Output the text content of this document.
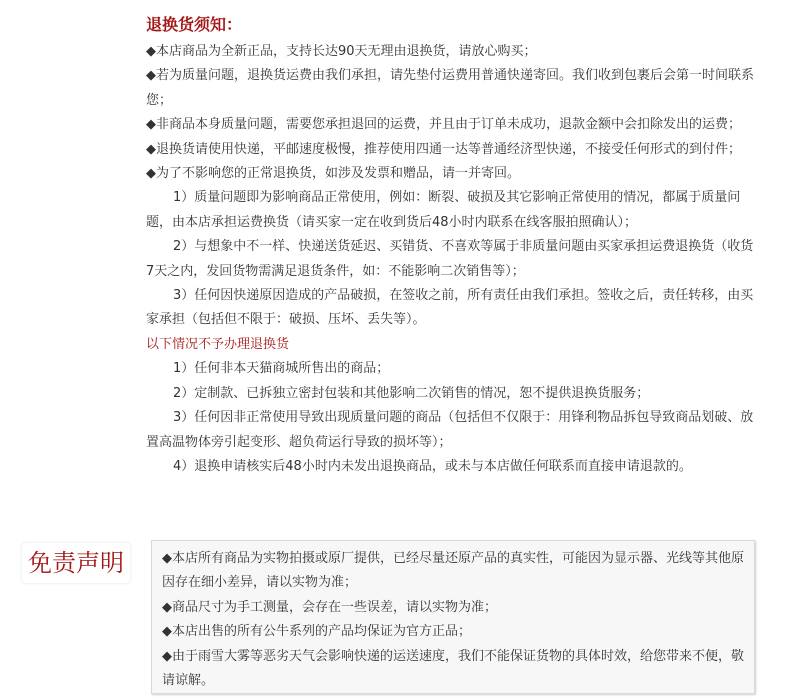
退换货须知：

◆本店商品为全新正品，支持长达90天无理由退换货，请放心购买；

◆若为质量问题，退换货运费由我们承担，请先垫付运费用普通快递寄回。我们收到包裹后会第一时间联系您；

◆非商品本身质量问题，需要您承担退回的运费，并且由于订单未成功，退款金额中会扣除发出的运费；

◆退换货请使用快递，平邮速度极慢，推荐使用四通一达等普通经济型快递，不接受任何形式的到付件；

◆为了不影响您的正常退换货，如涉及发票和赠品，请一并寄回。

1）质量问题即为影响商品正常使用，例如：断裂、破损及其它影响正常使用的情况，都属于质量问题，由本店承担运费换货（请买家一定在收到货后48小时内联系在线客服拍照确认）；

2）与想象中不一样、快递送货延迟、买错货、不喜欢等属于非质量问题由买家承担运费退换货（收货7天之内，发回货物需满足退货条件，如：不能影响二次销售等）；

3）任何因快递原因造成的产品破损，在签收之前，所有责任由我们承担。签收之后，责任转移，由买家承担（包括但不限于：破损、压坏、丢失等）。

以下情况不予办理退换货

1）任何非本天猫商城所售出的商品；

2）定制款、已拆独立密封包装和其他影响二次销售的情况，恕不提供退换货服务；

3）任何因非正常使用导致出现质量问题的商品（包括但不仅限于：用锋利物品拆包导致商品划破、放置高温物体旁引起变形、超负荷运行导致的损坏等）；

4）退换申请核实后48小时内未发出退换商品，或未与本店做任何联系而直接申请退款的。

免责声明	◆本店所有商品为实物拍摄或原厂提供，已经尽量还原产品的真实性，可能因为显示器、光线等其他原因存在细小差异，请以实物为准；

◆商品尺寸为手工测量，会存在一些误差，请以实物为准；

◆本店出售的所有公牛系列的产品均保证为官方正品；

◆由于雨雪大雾等恶劣天气会影响快递的运送速度，我们不能保证货物的具体时效，给您带来不便，敬请谅解。
